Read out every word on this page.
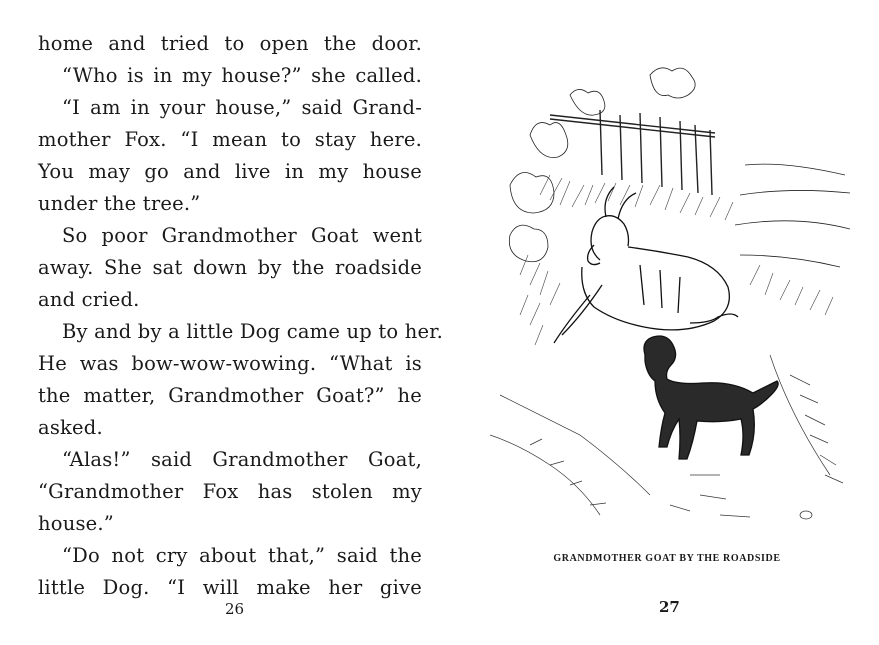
home and tried to open the door.
“Who is in my house?” she called.
“I am in your house,” said Grand-
mother Fox. “I mean to stay here.
You may go and live in my house
under the tree.”
So poor Grandmother Goat went
away. She sat down by the roadside
and cried.
By and by a little Dog came up to her.
He was bow-wow-wowing. “What is
the matter, Grandmother Goat?” he
asked.
“Alas!” said Grandmother Goat,
“Grandmother Fox has stolen my
house.”
“Do not cry about that,” said the
little Dog. “I will make her give
26
GRANDMOTHER GOAT BY THE ROADSIDE
27
